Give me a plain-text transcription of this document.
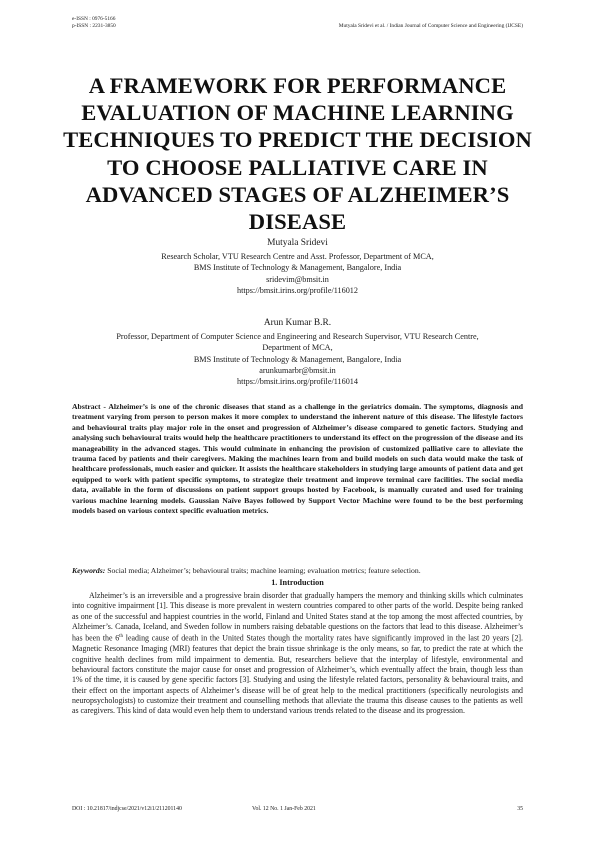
e-ISSN : 0976-5166
p-ISSN : 2231-3850	Mutyala Sridevi et al. / Indian Journal of Computer Science and Engineering (IJCSE)
A FRAMEWORK FOR PERFORMANCE EVALUATION OF MACHINE LEARNING TECHNIQUES TO PREDICT THE DECISION TO CHOOSE PALLIATIVE CARE IN ADVANCED STAGES OF ALZHEIMER’S DISEASE
Mutyala Sridevi
Research Scholar, VTU Research Centre and Asst. Professor, Department of MCA,
BMS Institute of Technology & Management, Bangalore, India
sridevim@bmsit.in
https://bmsit.irins.org/profile/116012
Arun Kumar B.R.
Professor, Department of Computer Science and Engineering and Research Supervisor, VTU Research Centre,
Department of MCA,
BMS Institute of Technology & Management, Bangalore, India
arunkumarbr@bmsit.in
https://bmsit.irins.org/profile/116014
Abstract - Alzheimer’s is one of the chronic diseases that stand as a challenge in the geriatrics domain. The symptoms, diagnosis and treatment varying from person to person makes it more complex to understand the inherent nature of this disease. The lifestyle factors and behavioural traits play major role in the onset and progression of Alzheimer’s disease compared to genetic factors. Studying and analysing such behavioural traits would help the healthcare practitioners to understand its effect on the progression of the disease and its manageability in the advanced stages. This would culminate in enhancing the provision of customized palliative care to alleviate the trauma faced by patients and their caregivers. Making the machines learn from and build models on such data would make the task of healthcare professionals, much easier and quicker. It assists the healthcare stakeholders in studying large amounts of patient data and get equipped to work with patient specific symptoms, to strategize their treatment and improve terminal care facilities. The social media data, available in the form of discussions on patient support groups hosted by Facebook, is manually curated and used for training various machine learning models. Gaussian Naïve Bayes followed by Support Vector Machine were found to be the best performing models based on various context specific evaluation metrics.
Keywords: Social media; Alzheimer’s; behavioural traits; machine learning; evaluation metrics; feature selection.
1. Introduction
Alzheimer’s is an irreversible and a progressive brain disorder that gradually hampers the memory and thinking skills which culminates into cognitive impairment [1]. This disease is more prevalent in western countries compared to other parts of the world. Despite being ranked as one of the successful and happiest countries in the world, Finland and United States stand at the top among the most affected countries, by Alzheimer’s. Canada, Iceland, and Sweden follow in numbers raising debatable questions on the factors that lead to this disease. Alzheimer’s has been the 6th leading cause of death in the United States though the mortality rates have significantly improved in the last 20 years [2]. Magnetic Resonance Imaging (MRI) features that depict the brain tissue shrinkage is the only means, so far, to predict the rate at which the cognitive health declines from mild impairment to dementia. But, researchers believe that the interplay of lifestyle, environmental and behavioural factors constitute the major cause for onset and progression of Alzheimer’s, which eventually affect the brain, though less than 1% of the time, it is caused by gene specific factors [3]. Studying and using the lifestyle related factors, personality & behavioural traits, and their effect on the important aspects of Alzheimer’s disease will be of great help to the medical practitioners (specifically neurologists and neuropsychologists) to customize their treatment and counselling methods that alleviate the trauma this disease causes to the patients as well as caregivers. This kind of data would even help them to understand various trends related to the disease and its progression.
DOI : 10.21817/indjcse/2021/v12i1/211201140	Vol. 12 No. 1 Jan-Feb 2021	35
